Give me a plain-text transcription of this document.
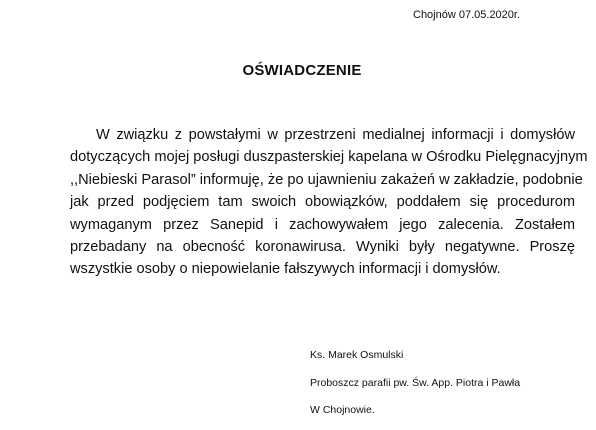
Chojnów 07.05.2020r.
OŚWIADCZENIE
W związku z powstałymi w przestrzeni medialnej informacji i domysłów
dotyczących mojej posługi duszpasterskiej kapelana w Ośrodku Pielęgnacyjnym
,,Niebieski Parasol” informuję, że po ujawnieniu zakażeń w zakładzie, podobnie
jak przed podjęciem tam swoich obowiązków, poddałem się procedurom
wymaganym przez Sanepid i zachowywałem jego zalecenia. Zostałem
przebadany na obecność koronawirusa. Wyniki były negatywne. Proszę
wszystkie osoby o niepowielanie fałszywych informacji i domysłów.
Ks. Marek Osmulski
Proboszcz parafii pw. Św. App. Piotra i Pawła
W Chojnowie.
